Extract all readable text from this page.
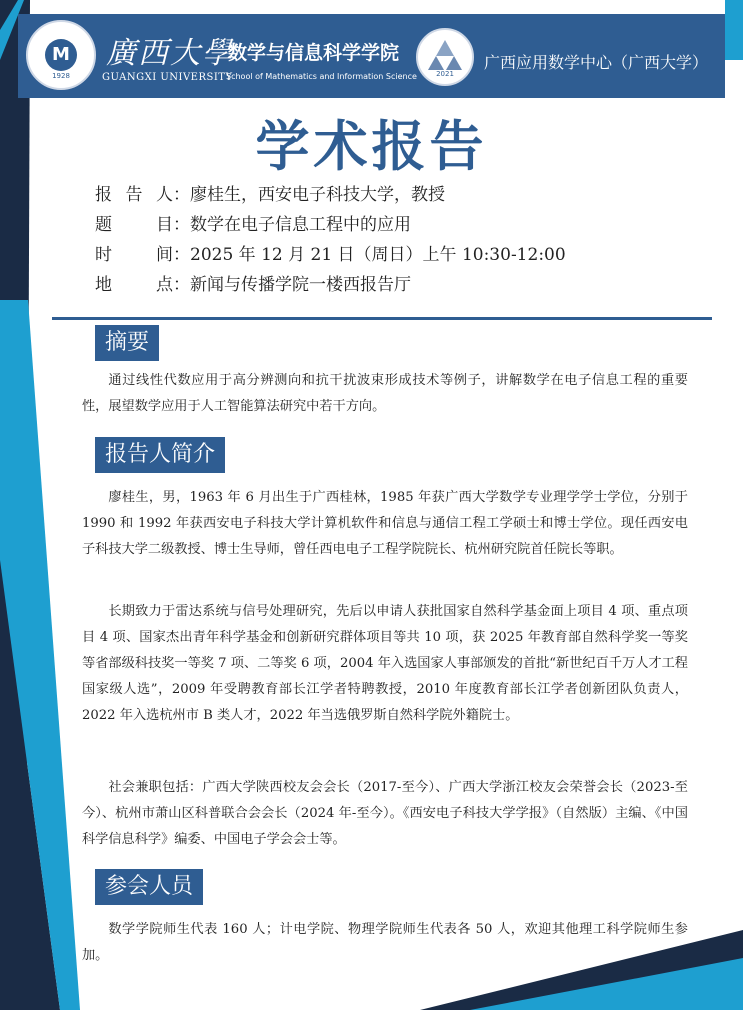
M
1928
廣西大學
GUANGXI UNIVERSITY
数学与信息科学学院
School of Mathematics and Information Science	2021
广西应用数学中心（广西大学）
学术报告
报告人 ： 廖桂生，西安电子科技大学，教授
题 目 ： 数学在电子信息工程中的应用
时 间 ： 2025 年 12 月 21 日（周日）上午 10:30-12:00
地 点 ： 新闻与传播学院一楼西报告厅
摘要
通过线性代数应用于高分辨测向和抗干扰波束形成技术等例子，讲解数学在电子信息工程的重要性，展望数学应用于人工智能算法研究中若干方向。
报告人简介
廖桂生，男，1963 年 6 月出生于广西桂林，1985 年获广西大学数学专业理学学士学位，分别于 1990 和 1992 年获西安电子科技大学计算机软件和信息与通信工程工学硕士和博士学位。现任西安电子科技大学二级教授、博士生导师，曾任西电电子工程学院院长、杭州研究院首任院长等职。
长期致力于雷达系统与信号处理研究，先后以申请人获批国家自然科学基金面上项目 4 项、重点项目 4 项、国家杰出青年科学基金和创新研究群体项目等共 10 项，获 2025 年教育部自然科学奖一等奖等省部级科技奖一等奖 7 项、二等奖 6 项，2004 年入选国家人事部颁发的首批“新世纪百千万人才工程国家级人选”，2009 年受聘教育部长江学者特聘教授，2010 年度教育部长江学者创新团队负责人，2022 年入选杭州市 B 类人才，2022 年当选俄罗斯自然科学院外籍院士。
社会兼职包括：广西大学陕西校友会会长（2017-至今）、广西大学浙江校友会荣誉会长（2023-至今）、杭州市萧山区科普联合会会长（2024 年-至今）。《西安电子科技大学学报》（自然版）主编、《中国科学信息科学》编委、中国电子学会会士等。
参会人员
数学学院师生代表 160 人；计电学院、物理学院师生代表各 50 人，欢迎其他理工科学院师生参加。
